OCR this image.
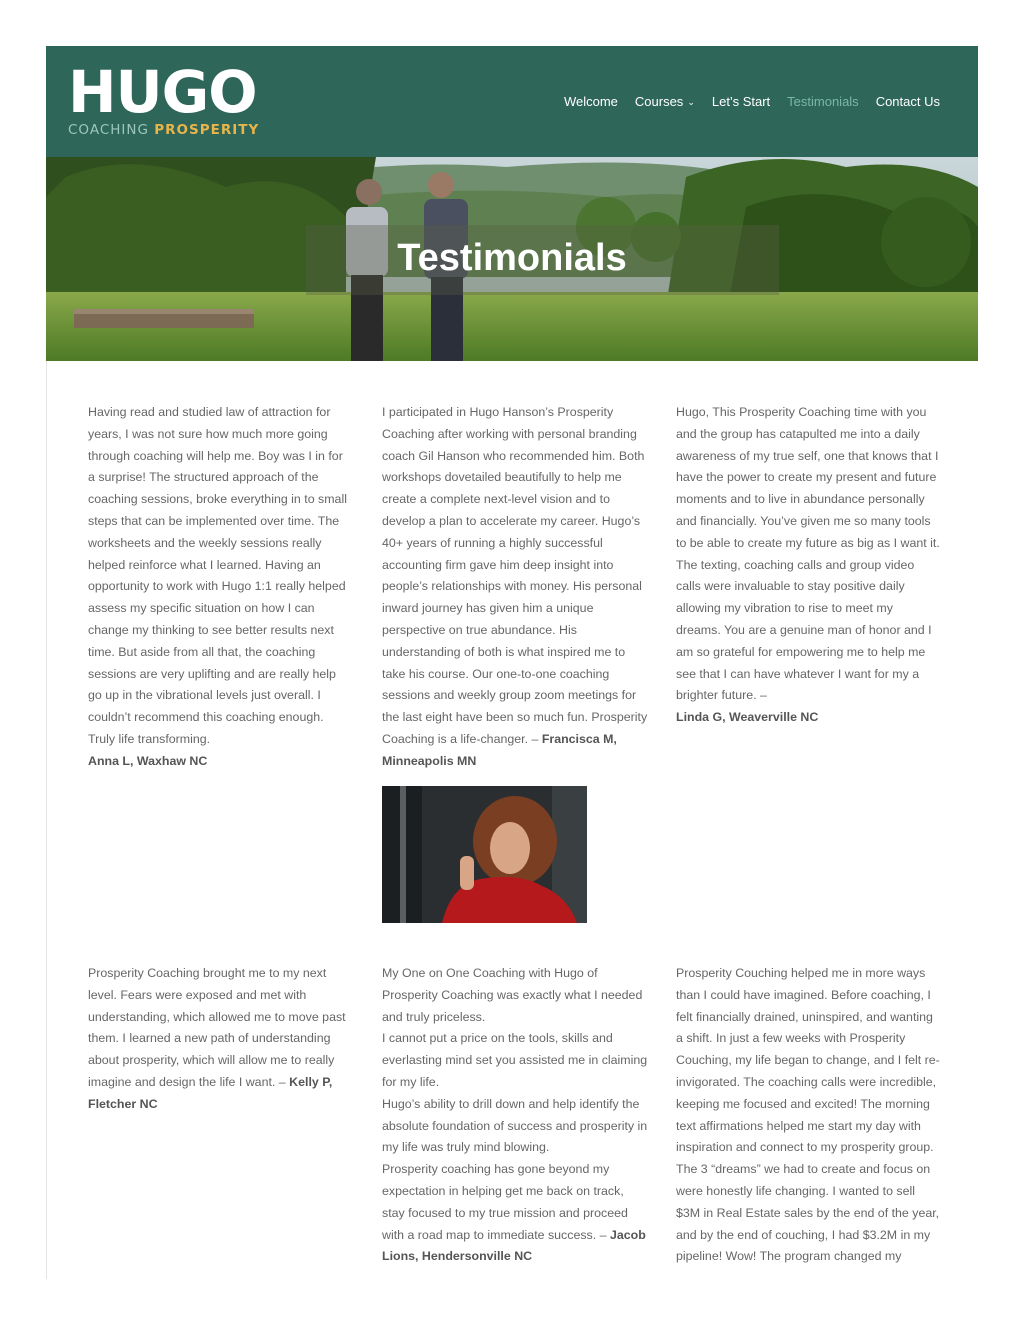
HUGO
COACHING PROSPERITY
Welcome Courses ⌄ Let’s Start Testimonials Contact Us
Testimonials
Having read and studied law of attraction for years, I was not sure how much more going through coaching will help me. Boy was I in for a surprise! The structured approach of the coaching sessions, broke everything in to small steps that can be implemented over time. The worksheets and the weekly sessions really helped reinforce what I learned. Having an opportunity to work with Hugo 1:1 really helped assess my specific situation on how I can change my thinking to see better results next time. But aside from all that, the coaching sessions are very uplifting and are really help go up in the vibrational levels just overall. I couldn’t recommend this coaching enough. Truly life transforming.
Anna L, Waxhaw NC
I participated in Hugo Hanson’s Prosperity Coaching after working with personal branding coach Gil Hanson who recommended him. Both workshops dovetailed beautifully to help me create a complete next-level vision and to develop a plan to accelerate my career. Hugo’s 40+ years of running a highly successful accounting firm gave him deep insight into people’s relationships with money. His personal inward journey has given him a unique perspective on true abundance. His understanding of both is what inspired me to take his course. Our one-to-one coaching sessions and weekly group zoom meetings for the last eight have been so much fun. Prosperity Coaching is a life-changer. – Francisca M, Minneapolis MN
Hugo, This Prosperity Coaching time with you and the group has catapulted me into a daily awareness of my true self, one that knows that I have the power to create my present and future moments and to live in abundance personally and financially. You’ve given me so many tools to be able to create my future as big as I want it. The texting, coaching calls and group video calls were invaluable to stay positive daily allowing my vibration to rise to meet my dreams. You are a genuine man of honor and I am so grateful for empowering me to help me see that I can have whatever I want for my a brighter future. –
Linda G, Weaverville NC
Prosperity Coaching brought me to my next level. Fears were exposed and met with understanding, which allowed me to move past them. I learned a new path of understanding about prosperity, which will allow me to really imagine and design the life I want. – Kelly P, Fletcher NC
My One on One Coaching with Hugo of Prosperity Coaching was exactly what I needed and truly priceless.
I cannot put a price on the tools, skills and everlasting mind set you assisted me in claiming for my life.
Hugo’s ability to drill down and help identify the absolute foundation of success and prosperity in my life was truly mind blowing.
Prosperity coaching has gone beyond my expectation in helping get me back on track, stay focused to my true mission and proceed with a road map to immediate success. – Jacob Lions, Hendersonville NC
Prosperity Couching helped me in more ways than I could have imagined. Before coaching, I felt financially drained, uninspired, and wanting a shift. In just a few weeks with Prosperity Couching, my life began to change, and I felt re-invigorated. The coaching calls were incredible, keeping me focused and excited! The morning text affirmations helped me start my day with inspiration and connect to my prosperity group. The 3 “dreams” we had to create and focus on were honestly life changing. I wanted to sell $3M in Real Estate sales by the end of the year, and by the end of couching, I had $3.2M in my pipeline! Wow! The program changed my
